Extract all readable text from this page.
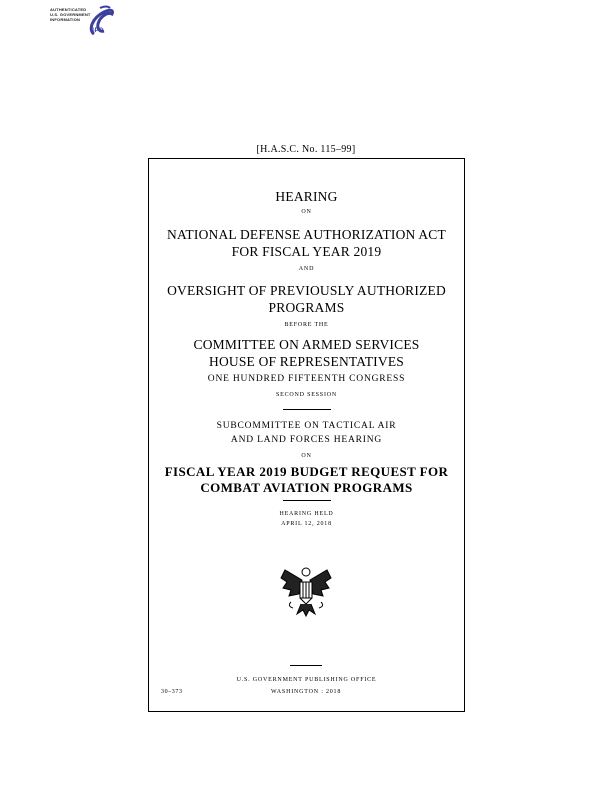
GPO
AUTHENTICATED
U.S. GOVERNMENT
INFORMATION
[H.A.S.C. No. 115–99]
HEARING
ON
NATIONAL DEFENSE AUTHORIZATION ACT
FOR FISCAL YEAR 2019
AND
OVERSIGHT OF PREVIOUSLY AUTHORIZED
PROGRAMS
BEFORE THE
COMMITTEE ON ARMED SERVICES
HOUSE OF REPRESENTATIVES
ONE HUNDRED FIFTEENTH CONGRESS
SECOND SESSION
SUBCOMMITTEE ON TACTICAL AIR
AND LAND FORCES HEARING
ON
FISCAL YEAR 2019 BUDGET REQUEST FOR
COMBAT AVIATION PROGRAMS
HEARING HELD
APRIL 12, 2018
U.S. GOVERNMENT PUBLISHING OFFICE
30–373	WASHINGTON : 2018
